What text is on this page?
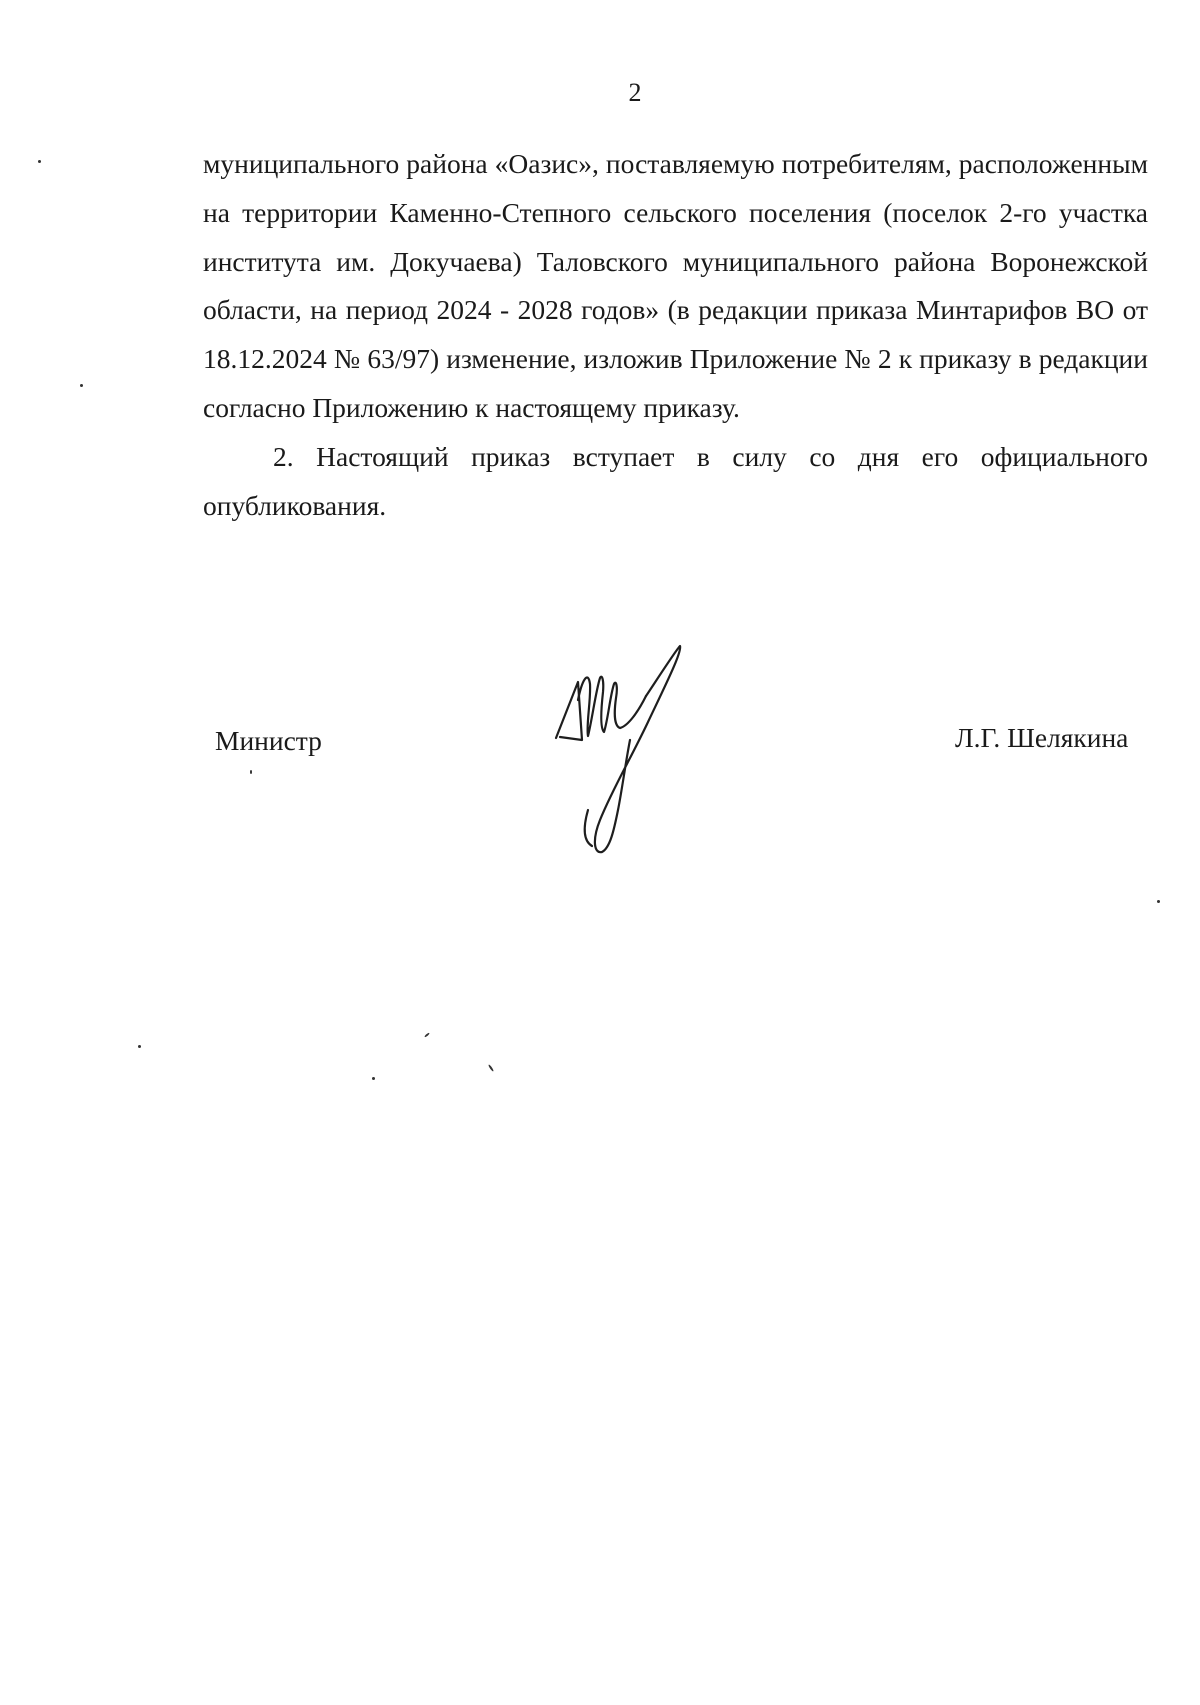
2

муниципального района «Оазис», поставляемую потребителям, расположенным на территории Каменно-Степного сельского поселения (поселок 2-го участка института им. Докучаева) Таловского муниципального района Воронежской области, на период 2024 - 2028 годов» (в редакции приказа Минтарифов ВО от 18.12.2024 № 63/97) изменение, изложив Приложение № 2 к приказу в редакции согласно Приложению к настоящему приказу.

2. Настоящий приказ вступает в силу со дня его официального опубликования.

Министр	Л.Г. Шелякина
